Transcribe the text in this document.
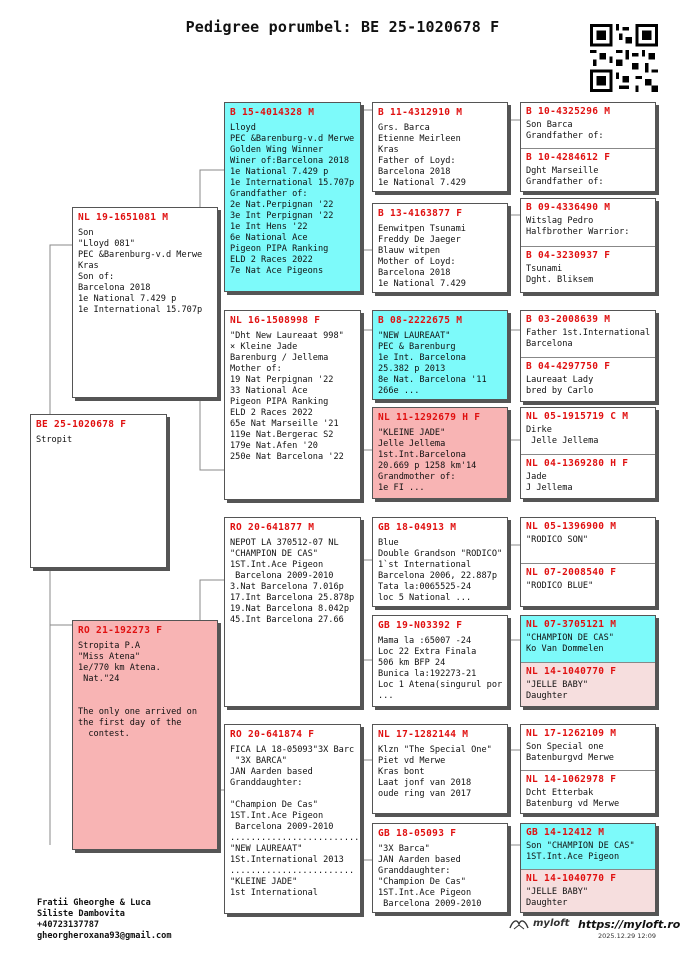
Pedigree porumbel: BE 25-1020678 F
BE 25-1020678 F
Stropit
NL 19-1651081 M
Son
"Lloyd 081"
PEC &Barenburg-v.d Merwe
Kras
Son of:
Barcelona 2018
1e National 7.429 p
1e International 15.707p
RO 21-192273 F
Stropita P.A
"Miss Atena"
1e/770 km Atena.
Nat."24

The only one arrived on
the first day of the
contest.
B 15-4014328 M
Lloyd
PEC &Barenburg-v.d Merwe
Golden Wing Winner
Winer of:Barcelona 2018
1e National 7.429 p
1e International 15.707p
Grandfather of:
2e Nat.Perpignan '22
3e Int Perpignan '22
1e Int Hens '22
6e National Ace
Pigeon PIPA Ranking
ELD 2 Races 2022
7e Nat Ace Pigeons
NL 16-1508998 F
"Dht New Laureaat 998"
× Kleine Jade
Barenburg / Jellema
Mother of:
19 Nat Perpignan '22
33 National Ace
Pigeon PIPA Ranking
ELD 2 Races 2022
65e Nat Marseille '21
119e Nat.Bergerac S2
179e Nat.Afen '20
250e Nat Barcelona '22
RO 20-641877 M
NEPOT LA 370512-07 NL
"CHAMPION DE CAS"
1ST.Int.Ace Pigeon
Barcelona 2009-2010
3.Nat Barcelona 7.016p
17.Int Barcelona 25.878p
19.Nat Barcelona 8.042p
45.Int Barcelona 27.66
RO 20-641874 F
FICA LA 18-05093"3X Barc
"3X BARCA"
JAN Aarden based
Granddaughter:

"Champion De Cas"
1ST.Int.Ace Pigeon
Barcelona 2009-2010
.........................
"NEW LAUREAAT"
1St.International 2013
........................
"KLEINE JADE"
1st International
B 11-4312910 M
Grs. Barca
Etienne Meirleen
Kras
Father of Loyd:
Barcelona 2018
1e National 7.429
B 13-4163877 F
Eenwitpen Tsunami
Freddy De Jaeger
Blauw witpen
Mother of Loyd:
Barcelona 2018
1e National 7.429
B 08-2222675 M
"NEW LAUREAAT"
PEC & Barenburg
1e Int. Barcelona
25.382 p 2013
8e Nat. Barcelona '11
266e ...
NL 11-1292679 H F
"KLEINE JADE"
Jelle Jellema
1st.Int.Barcelona
20.669 p 1258 km'14
Grandmother of:
1e FI ...
GB 18-04913 M
Blue
Double Grandson "RODICO"
1`st International
Barcelona 2006, 22.887p
Tata la:0065525-24
loc 5 National ...
GB 19-N03392 F
Mama la :65007 -24
Loc 22 Extra Finala
506 km BFP 24
Bunica la:192273-21
Loc 1 Atena(singurul por
...
NL 17-1282144 M
Klzn "The Special One"
Piet vd Merwe
Kras bont
Laat jonf van 2018
oude ring van 2017
GB 18-05093 F
"3X Barca"
JAN Aarden based
Granddaughter:
"Champion De Cas"
1ST.Int.Ace Pigeon
Barcelona 2009-2010
B 10-4325296 M
Son Barca
Grandfather of:
B 10-4284612 F
Dght Marseille
Grandfather of:
B 09-4336490 M
Witslag Pedro
Halfbrother Warrior:
B 04-3230937 F
Tsunami
Dght. Bliksem
B 03-2008639 M
Father 1st.International
Barcelona
B 04-4297750 F
Laureaat Lady
bred by Carlo
NL 05-1915719 C M
Dirke
Jelle Jellema
NL 04-1369280 H F
Jade
J Jellema
NL 05-1396900 M
"RODICO SON"
NL 07-2008540 F
"RODICO BLUE"
NL 07-3705121 M
"CHAMPION DE CAS"
Ko Van Dommelen
NL 14-1040770 F
"JELLE BABY"
Daughter
NL 17-1262109 M
Son Special one
Batenburgvd Merwe
NL 14-1062978 F
Dcht Etterbak
Batenburg vd Merwe
GB 14-12412 M
Son "CHAMPION DE CAS"
1ST.Int.Ace Pigeon
NL 14-1040770 F
"JELLE BABY"
Daughter
Fratii Gheorghe & Luca
Siliste Dambovita
+40723137787
gheorgheroxana93@gmail.com
myloft https://myloft.ro
2025.12.29 12:09
